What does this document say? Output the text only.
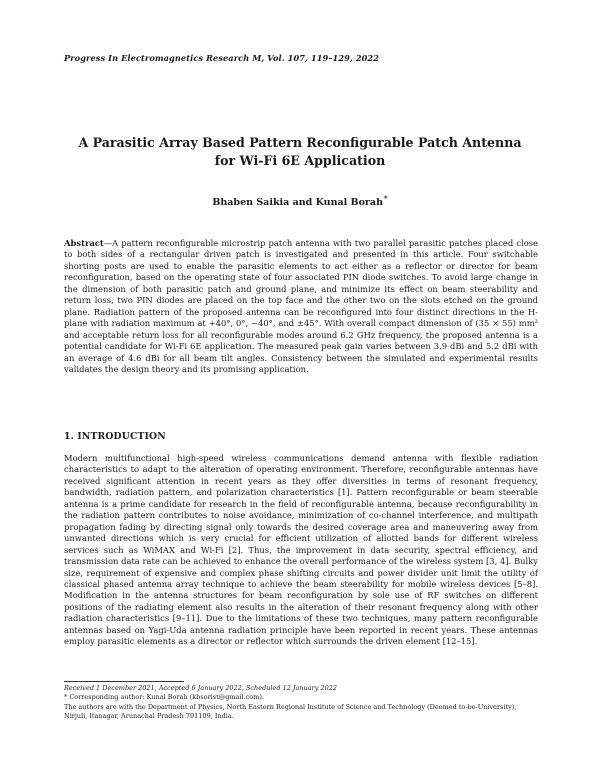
Progress In Electromagnetics Research M, Vol. 107, 119–129, 2022
A Parasitic Array Based Pattern Reconfigurable Patch Antenna
for Wi-Fi 6E Application
Bhaben Saikia and Kunal Borah*
Abstract—A pattern reconfigurable microstrip patch antenna with two parallel parasitic patches placed close to both sides of a rectangular driven patch is investigated and presented in this article. Four switchable shorting posts are used to enable the parasitic elements to act either as a reflector or director for beam reconfiguration, based on the operating state of four associated PIN diode switches. To avoid large change in the dimension of both parasitic patch and ground plane, and minimize its effect on beam steerability and return loss, two PIN diodes are placed on the top face and the other two on the slots etched on the ground plane. Radiation pattern of the proposed antenna can be reconfigured into four distinct directions in the H-plane with radiation maximum at +40°, 0°, −40°, and ±45°. With overall compact dimension of (35 × 55) mm² and acceptable return loss for all reconfigurable modes around 6.2 GHz frequency, the proposed antenna is a potential candidate for Wi-Fi 6E application. The measured peak gain varies between 3.9 dBi and 5.2 dBi with an average of 4.6 dBi for all beam tilt angles. Consistency between the simulated and experimental results validates the design theory and its promising application.
1. INTRODUCTION
Modern multifunctional high-speed wireless communications demand antenna with flexible radiation characteristics to adapt to the alteration of operating environment. Therefore, reconfigurable antennas have received significant attention in recent years as they offer diversities in terms of resonant frequency, bandwidth, radiation pattern, and polarization characteristics [1]. Pattern reconfigurable or beam steerable antenna is a prime candidate for research in the field of reconfigurable antenna, because reconfigurability in the radiation pattern contributes to noise avoidance, minimization of co-channel interference, and multipath propagation fading by directing signal only towards the desired coverage area and maneuvering away from unwanted directions which is very crucial for efficient utilization of allotted bands for different wireless services such as WiMAX and Wi-Fi [2]. Thus, the improvement in data security, spectral efficiency, and transmission data rate can be achieved to enhance the overall performance of the wireless system [3, 4]. Bulky size, requirement of expensive and complex phase shifting circuits and power divider unit limit the utility of classical phased antenna array technique to achieve the beam steerability for mobile wireless devices [5–8]. Modification in the antenna structures for beam reconfiguration by sole use of RF switches on different positions of the radiating element also results in the alteration of their resonant frequency along with other radiation characteristics [9–11]. Due to the limitations of these two techniques, many pattern reconfigurable antennas based on Yagi-Uda antenna radiation principle have been reported in recent years. These antennas employ parasitic elements as a director or reflector which surrounds the driven element [12–15].
Received 1 December 2021, Accepted 6 January 2022, Scheduled 12 January 2022
* Corresponding author: Kunal Borah (kbsorist@gmail.com).
The authors are with the Department of Physics, North Eastern Regional Institute of Science and Technology (Deemed to-be-University), Nirjuli, Itanagar, Arunachal Pradesh 791109, India.
